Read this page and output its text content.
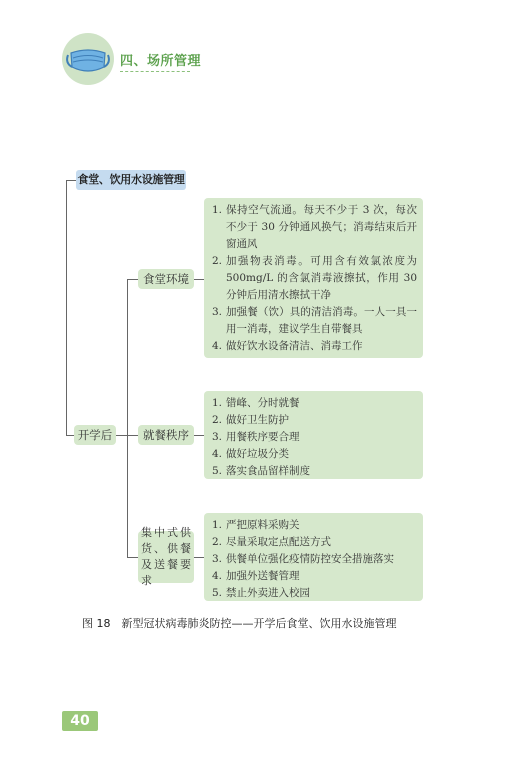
四、场所管理
食堂、饮用水设施管理
开学后
食堂环境
就餐秩序
集中式供货、供餐及送餐要求
1. 保持空气流通。每天不少于 3 次，每次不少于 30 分钟通风换气；消毒结束后开窗通风
2. 加强物表消毒。可用含有效氯浓度为 500mg/L 的含氯消毒液擦拭，作用 30 分钟后用清水擦拭干净
3. 加强餐（饮）具的清洁消毒。一人一具一用一消毒，建议学生自带餐具
4. 做好饮水设备清洁、消毒工作
1. 错峰、分时就餐
2. 做好卫生防护
3. 用餐秩序要合理
4. 做好垃圾分类
5. 落实食品留样制度
1. 严把原料采购关
2. 尽量采取定点配送方式
3. 供餐单位强化疫情防控安全措施落实
4. 加强外送餐管理
5. 禁止外卖进入校园
图 18　新型冠状病毒肺炎防控——开学后食堂、饮用水设施管理
40
